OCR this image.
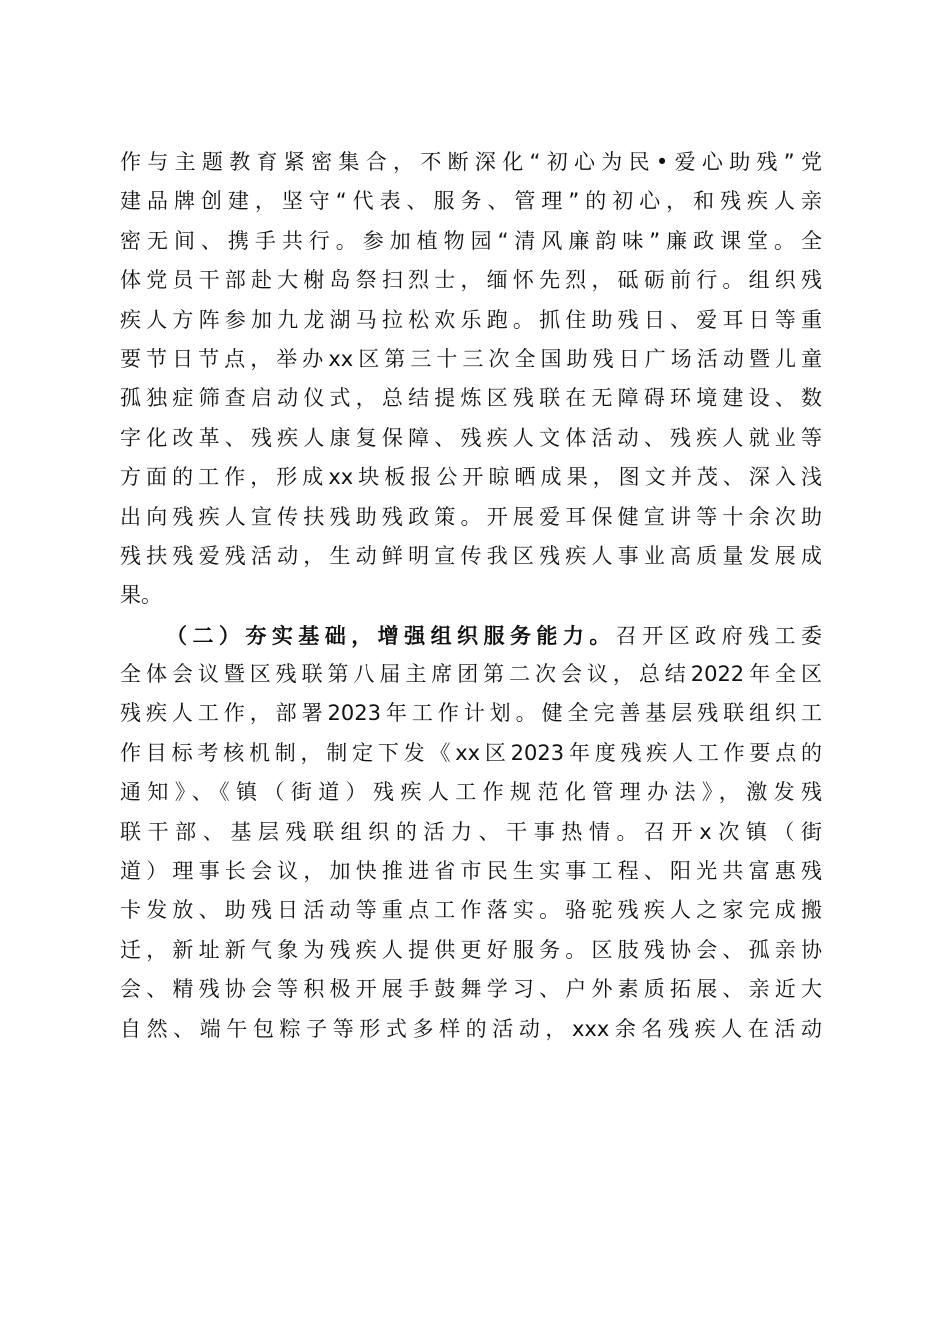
作与主题教育紧密集合，不断深化“初心为民•爱心助残”党
建品牌创建，坚守“代表、服务、管理”的初心，和残疾人亲
密无间、携手共行。参加植物园“清风廉韵味”廉政课堂。全
体党员干部赴大榭岛祭扫烈士，缅怀先烈，砥砺前行。组织残
疾人方阵参加九龙湖马拉松欢乐跑。抓住助残日、爱耳日等重
要节日节点，举办xx区第三十三次全国助残日广场活动暨儿童
孤独症筛查启动仪式，总结提炼区残联在无障碍环境建设、数
字化改革、残疾人康复保障、残疾人文体活动、残疾人就业等
方面的工作，形成xx块板报公开晾晒成果，图文并茂、深入浅
出向残疾人宣传扶残助残政策。开展爱耳保健宣讲等十余次助
残扶残爱残活动，生动鲜明宣传我区残疾人事业高质量发展成
果。
（二）夯实基础，增强组织服务能力。召开区政府残工委
全体会议暨区残联第八届主席团第二次会议，总结2022年全区
残疾人工作，部署2023年工作计划。健全完善基层残联组织工
作目标考核机制，制定下发《xx区2023年度残疾人工作要点的
通知》、《镇（街道）残疾人工作规范化管理办法》，激发残
联干部、基层残联组织的活力、干事热情。召开x次镇（街
道）理事长会议，加快推进省市民生实事工程、阳光共富惠残
卡发放、助残日活动等重点工作落实。骆驼残疾人之家完成搬
迁，新址新气象为残疾人提供更好服务。区肢残协会、孤亲协
会、精残协会等积极开展手鼓舞学习、户外素质拓展、亲近大
自然、端午包粽子等形式多样的活动，xxx余名残疾人在活动
